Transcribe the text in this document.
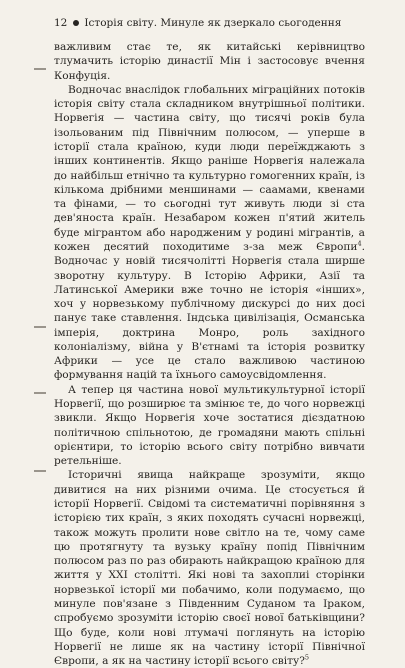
12 Історія світу. Минуле як дзеркало сьогодення

важливим стає те, як китайські керівництво тлумачить історію династії Мін і застосовує вчення Конфуція.

Водночас внаслідок глобальних міграційних потоків історія світу стала складником внутрішньої політики. Норвегія — частина світу, що тисячі років була ізольованим під Північним полюсом, — уперше в історії стала країною, куди люди переїжджають з інших континентів. Якщо раніше Норвегія належала до найбільш етнічно та культурно гомогенних країн, із кількома дрібними меншинами — саамами, квенами та фінами, — то сьогодні тут живуть люди зі ста дев'яноста країн. Незабаром кожен п'ятий житель буде мігрантом або народженим у родині мігрантів, а кожен десятий походитиме з-за меж Європи$^4$. Водночас у новій тисячолітті Норвегія стала ширше зворотну культуру. В Історію Африки, Азії та Латинської Америки вже точно не історія «інших», хоч у норвезькому публічному дискурсі до них досі панує таке ставлення. Індська цивілізація, Османська імперія, доктрина Монро, роль західного колоніалізму, війна у В'єтнамі та історія розвитку Африки — усе це стало важливою частиною формування націй та їхнього самоусвідомлення.

А тепер ця частина нової мультикультурної історії Норвегії, що розширює та змінює те, до чого норвежці звикли. Якщо Норвегія хоче зостатися дієздатною політичною спільнотою, де громадяни мають спільні орієнтири, то історію всього світу потрібно вивчати ретельніше.

Історичні явища найкраще зрозуміти, якщо дивитися на них різними очима. Це стосується й історії Норвегії. Свідомі та систематичні порівняння з історією тих країн, з яких походять сучасні норвежці, також можуть пролити нове світло на те, чому саме цю протягнуту та вузьку країну попід Північним полюсом раз по раз обирають найкращою країною для життя у XXI столітті. Які нові та захоплиі сторінки норвезької історії ми побачимо, коли подумаємо, що минуле пов'язане з Південним Суданом та Іраком, спробуємо зрозуміти історію своєї нової батьківщини? Що буде, коли нові лтумачі поглянуть на історію Норвегії не лише як на частину історії Північної Європи, а як на частину історії всього світу?$^5$
